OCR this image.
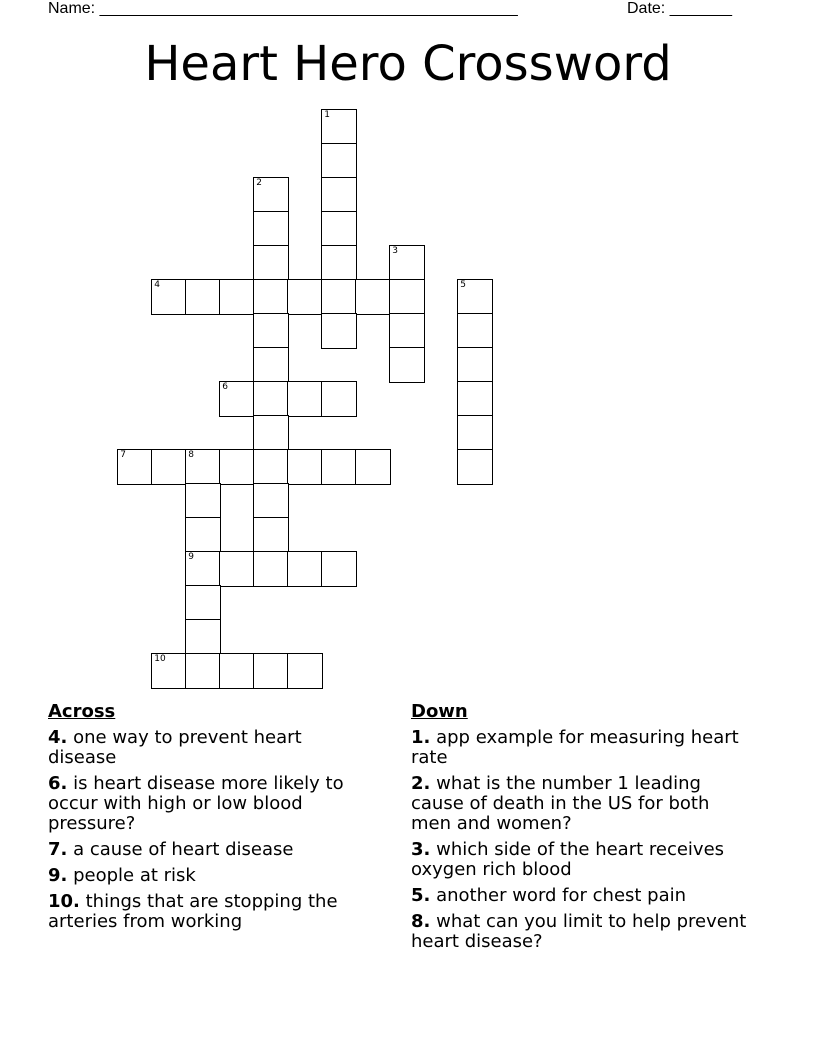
Name: _______________________________________________	Date: _______
Heart Hero Crossword
1
2
3
4	5
6
7	8
9
10
Across
4. one way to prevent heart disease
6. is heart disease more likely to occur with high or low blood pressure?
7. a cause of heart disease
9. people at risk
10. things that are stopping the arteries from working
Down
1. app example for measuring heart rate
2. what is the number 1 leading cause of death in the US for both men and women?
3. which side of the heart receives oxygen rich blood
5. another word for chest pain
8. what can you limit to help prevent heart disease?
